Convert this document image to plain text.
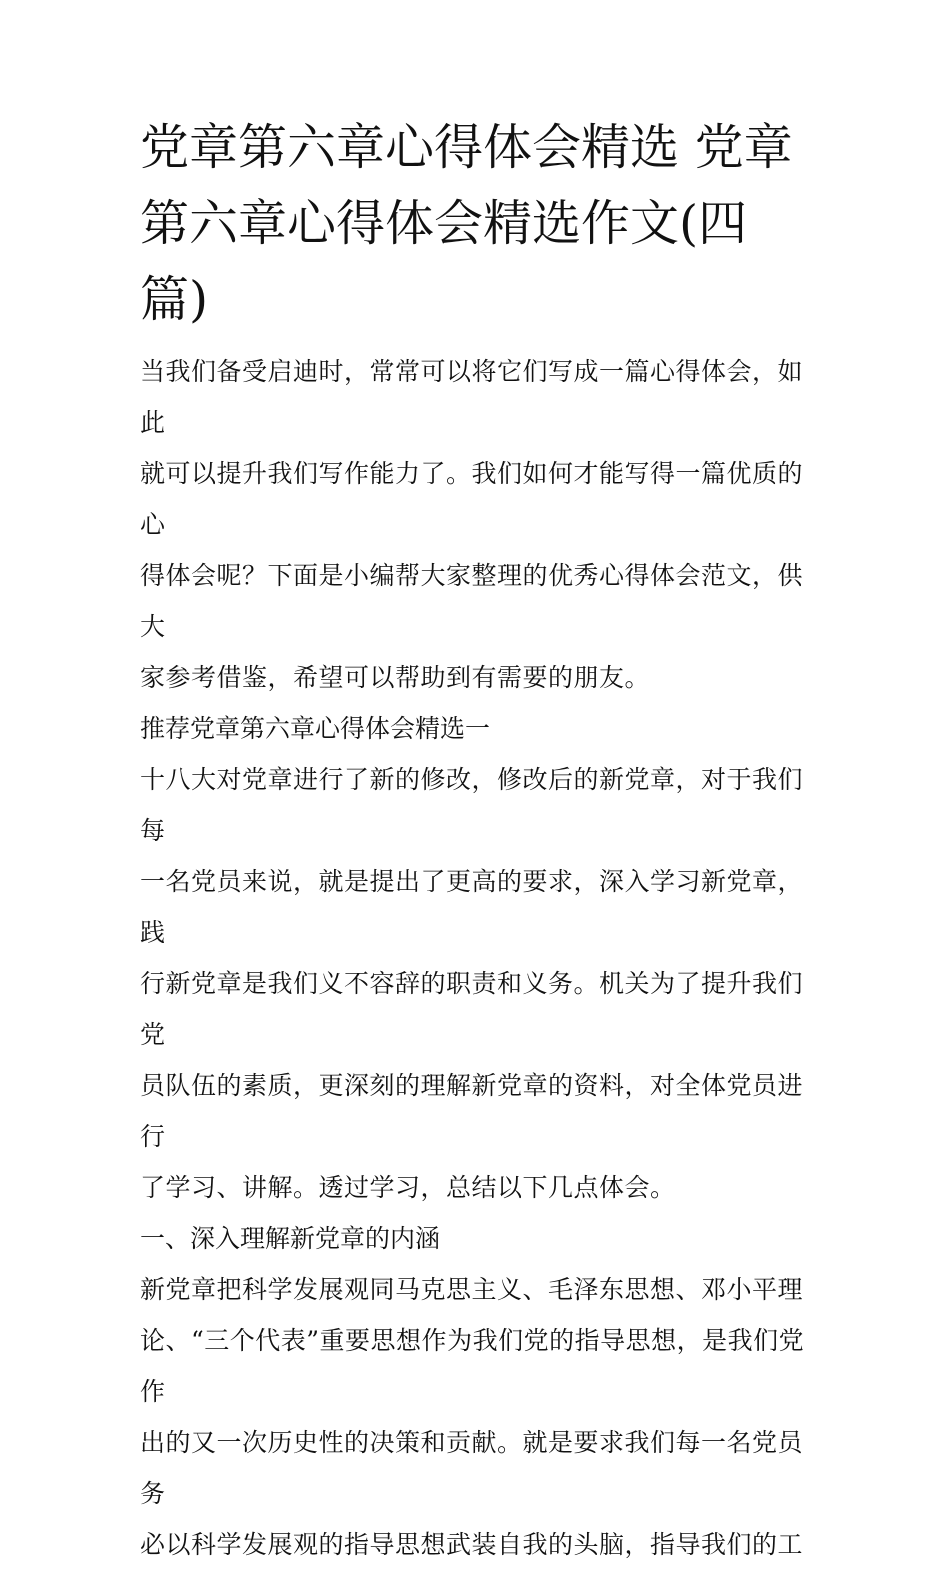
党章第六章心得体会精选 党章
第六章心得体会精选作文(四
篇)
当我们备受启迪时，常常可以将它们写成一篇心得体会，如此
就可以提升我们写作能力了。我们如何才能写得一篇优质的心
得体会呢？下面是小编帮大家整理的优秀心得体会范文，供大
家参考借鉴，希望可以帮助到有需要的朋友。
推荐党章第六章心得体会精选一
十八大对党章进行了新的修改，修改后的新党章，对于我们每
一名党员来说，就是提出了更高的要求，深入学习新党章，践
行新党章是我们义不容辞的职责和义务。机关为了提升我们党
员队伍的素质，更深刻的理解新党章的资料，对全体党员进行
了学习、讲解。透过学习，总结以下几点体会。
一、深入理解新党章的内涵
新党章把科学发展观同马克思主义、毛泽东思想、邓小平理
论、“三个代表”重要思想作为我们党的指导思想，是我们党作
出的又一次历史性的决策和贡献。就是要求我们每一名党员务
必以科学发展观的指导思想武装自我的头脑，指导我们的工
